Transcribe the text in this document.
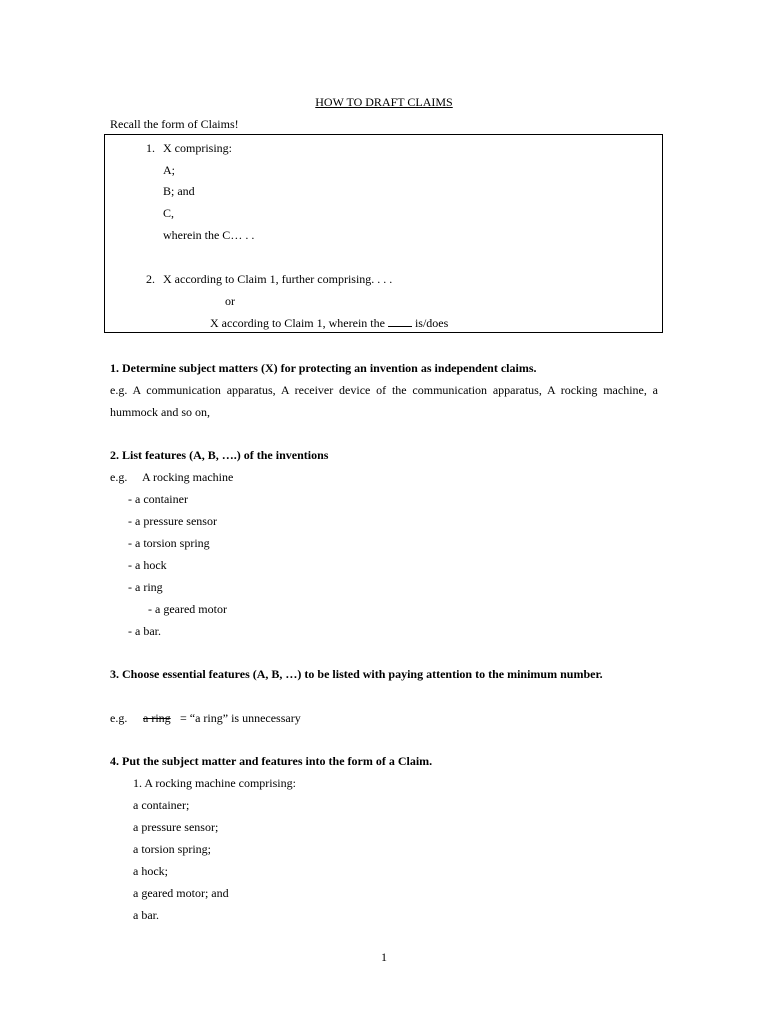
HOW TO DRAFT CLAIMS
Recall the form of Claims!
1. X comprising:
A;
B; and
C,
wherein the C… . .
2. X according to Claim 1, further comprising. . . .
or
X according to Claim 1, wherein the	is/does
1. Determine subject matters (X) for protecting an invention as independent claims.
e.g. A communication apparatus, A receiver device of the communication apparatus, A rocking machine, a hummock and so on,
2. List features (A, B, ….) of the inventions
e.g. A rocking machine
- a container
- a pressure sensor
- a torsion spring
- a hock
- a ring
- a geared motor
- a bar.
3. Choose essential features (A, B, …) to be listed with paying attention to the minimum number.
e.g. a ring = “a ring” is unnecessary
4. Put the subject matter and features into the form of a Claim.
1. A rocking machine comprising:
a container;
a pressure sensor;
a torsion spring;
a hock;
a geared motor; and
a bar.
1
